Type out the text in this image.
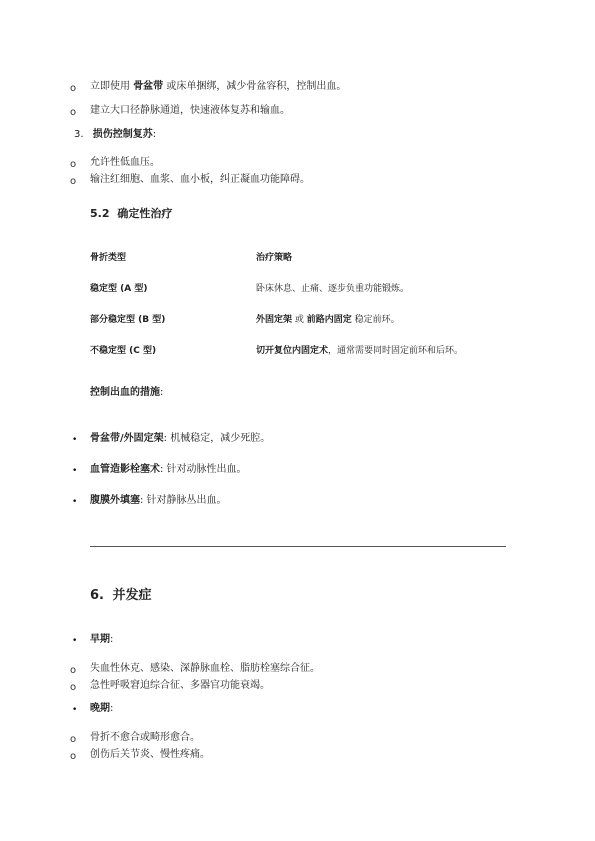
o 立即使用 骨盆带 或床单捆绑，减少骨盆容积，控制出血。
o 建立大口径静脉通道，快速液体复苏和输血。
3. 损伤控制复苏:
o 允许性低血压。
o 输注红细胞、血浆、血小板，纠正凝血功能障碍。
5.2 确定性治疗
骨折类型	治疗策略
稳定型 (A 型)	卧床休息、止痛、逐步负重功能锻炼。
部分稳定型 (B 型)	外固定架 或 前路内固定 稳定前环。
不稳定型 (C 型)	切开复位内固定术，通常需要同时固定前环和后环。
控制出血的措施:
• 骨盆带/外固定架: 机械稳定，减少死腔。
• 血管造影栓塞术: 针对动脉性出血。
• 腹膜外填塞: 针对静脉丛出血。
6. 并发症
• 早期:
o 失血性休克、感染、深静脉血栓、脂肪栓塞综合征。
o 急性呼吸窘迫综合征、多器官功能衰竭。
• 晚期:
o 骨折不愈合或畸形愈合。
o 创伤后关节炎、慢性疼痛。
